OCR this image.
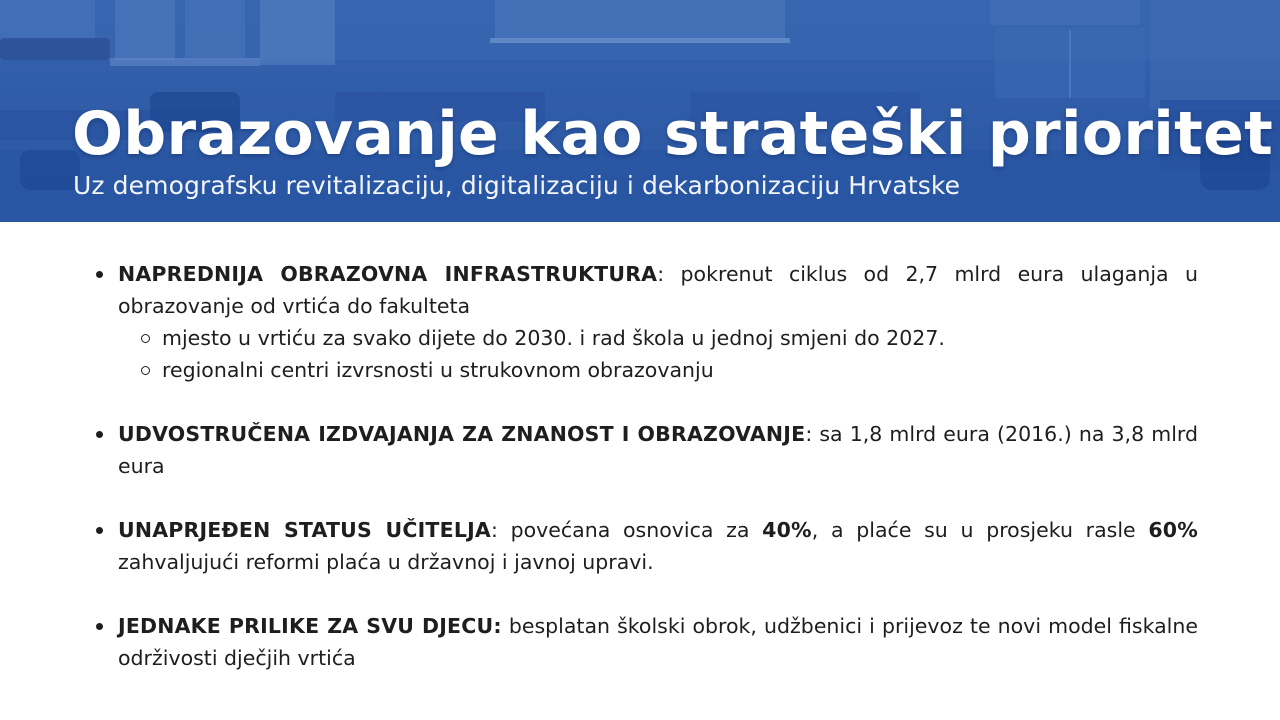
Obrazovanje kao strateški prioritet
Uz demografsku revitalizaciju, digitalizaciju i dekarbonizaciju Hrvatske
NAPREDNIJA OBRAZOVNA INFRASTRUKTURA: pokrenut ciklus od 2,7 mlrd eura ulaganja u obrazovanje od vrtića do fakulteta
mjesto u vrtiću za svako dijete do 2030. i rad škola u jednoj smjeni do 2027.
regionalni centri izvrsnosti u strukovnom obrazovanju
UDVOSTRUČENA IZDVAJANJA ZA ZNANOST I OBRAZOVANJE: sa 1,8 mlrd eura (2016.) na 3,8 mlrd eura
UNAPRJEĐEN STATUS UČITELJA: povećana osnovica za 40%, a plaće su u prosjeku rasle 60% zahvaljujući reformi plaća u državnoj i javnoj upravi.
JEDNAKE PRILIKE ZA SVU DJECU: besplatan školski obrok, udžbenici i prijevoz te novi model fiskalne održivosti dječjih vrtića
